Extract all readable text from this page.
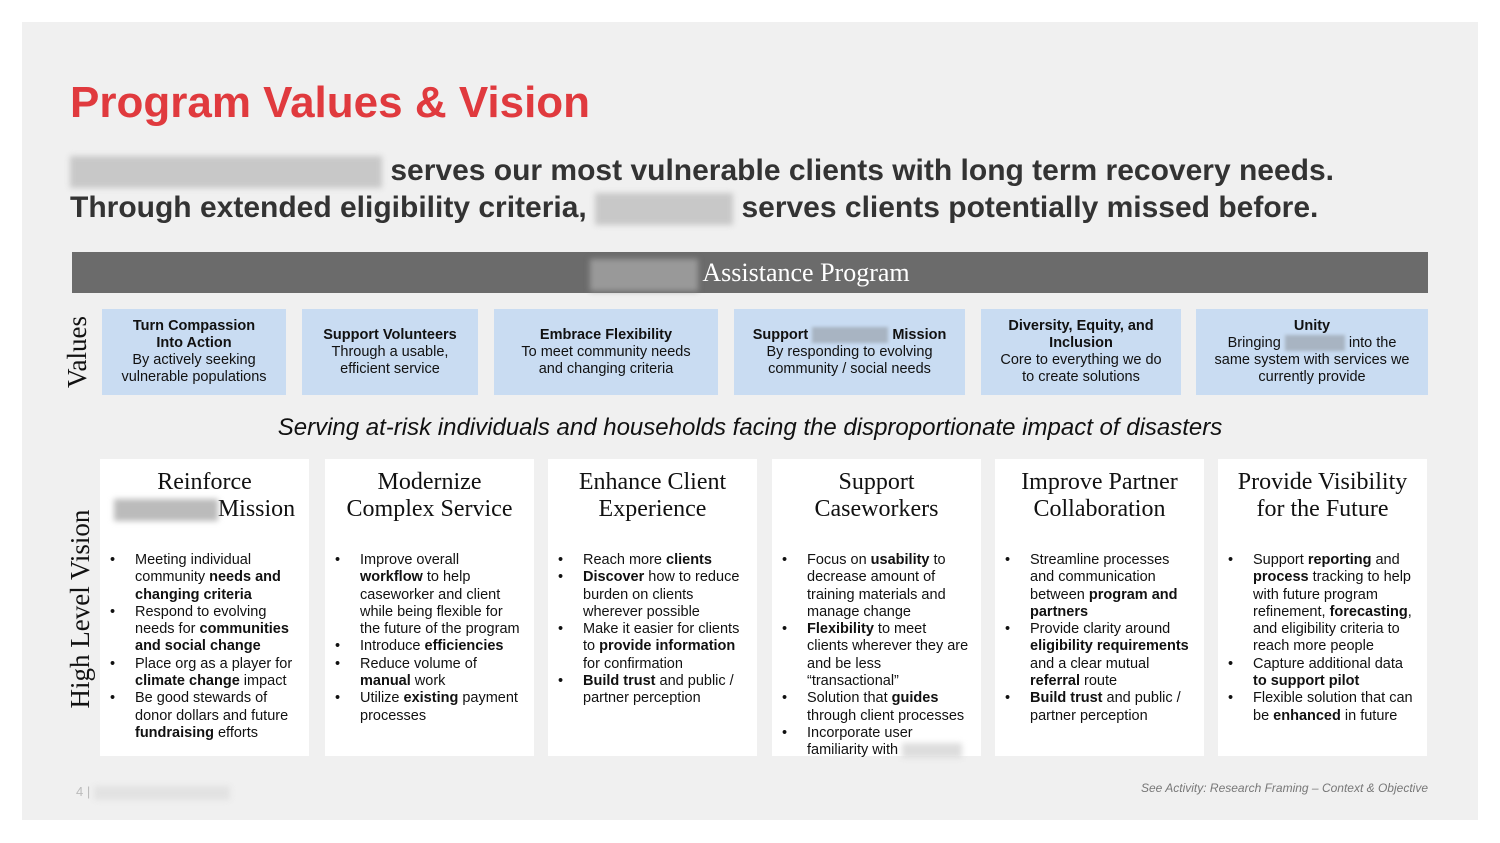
Program Values & Vision
serves our most vulnerable clients with long term recovery needs.
Through extended eligibility criteria,	serves clients potentially missed before.
Assistance Program
Values	Turn Compassion Into Action
By actively seeking vulnerable populations
Support Volunteers
Through a usable, efficient service
Embrace Flexibility
To meet community needs and changing criteria
Support	Mission
By responding to evolving community / social needs
Diversity, Equity, and Inclusion
Core to everything we do to create solutions
Unity
Bringing	into the same system with services we currently provide
Serving at-risk individuals and households facing the disproportionate impact of disasters
High Level Vision
Reinforce
Mission
• Meeting individual community needs and changing criteria
• Respond to evolving needs for communities and social change
• Place org as a player for climate change impact
• Be good stewards of donor dollars and future fundraising efforts
Modernize Complex Service
• Improve overall workflow to help caseworker and client while being flexible for the future of the program
• Introduce efficiencies
• Reduce volume of manual work
• Utilize existing payment processes
Enhance Client Experience
• Reach more clients
• Discover how to reduce burden on clients wherever possible
• Make it easier for clients to provide information for confirmation
• Build trust and public / partner perception
Support Caseworkers
• Focus on usability to decrease amount of training materials and manage change
• Flexibility to meet clients wherever they are and be less “transactional”
• Solution that guides through client processes
• Incorporate user familiarity with
Improve Partner Collaboration
• Streamline processes and communication between program and partners
• Provide clarity around eligibility requirements and a clear mutual referral route
• Build trust and public / partner perception
Provide Visibility for the Future
• Support reporting and process tracking to help with future program refinement, forecasting, and eligibility criteria to reach more people
• Capture additional data to support pilot
• Flexible solution that can be enhanced in future
4 |	See Activity: Research Framing – Context & Objective
